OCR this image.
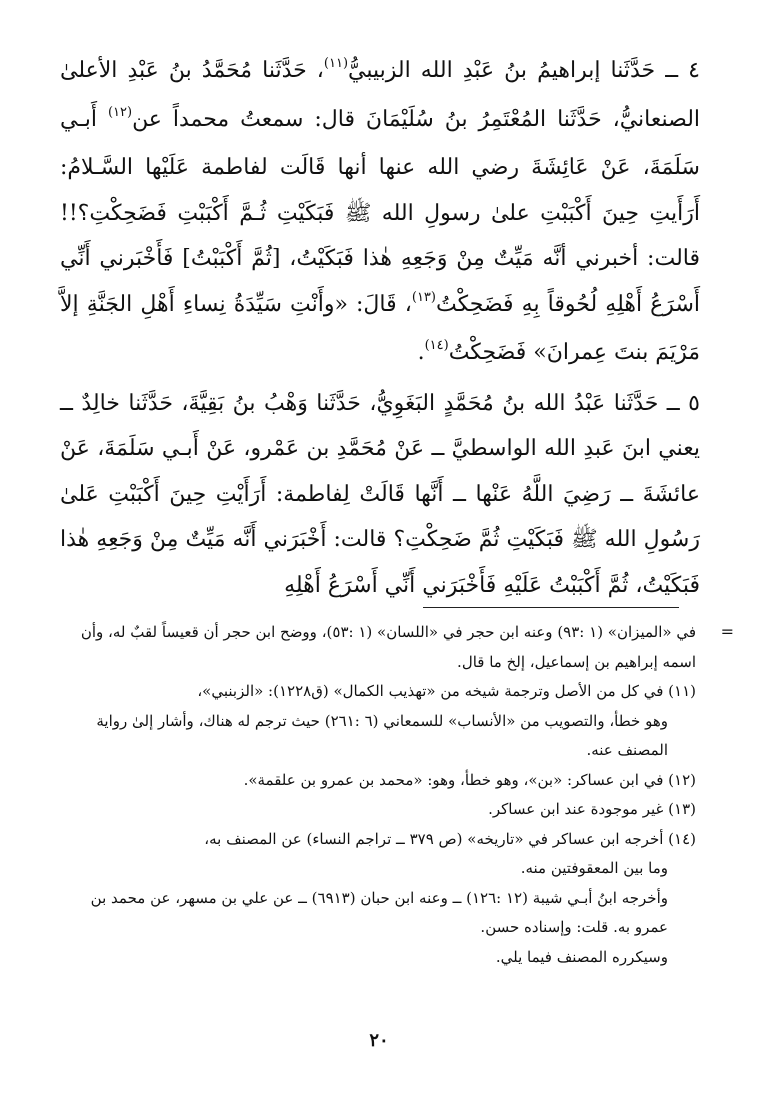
٤ ــ حَدَّثَنا إبراهيمُ بنُ عَبْدِ الله الزبيبيُّ$^{(١١)}$، حَدَّثَنا مُحَمَّدُ بنُ عَبْدِ الأعلىٰ الصنعانيُّ، حَدَّثَنا المُعْتَمِرُ بنُ سُلَيْمَانَ قال: سمعتُ محمداً عن$^{(١٢)}$ أَبـي سَلَمَةَ، عَنْ عَائِشَةَ رضي الله عنها أنها قَالَت لفاطمة عَلَيْها السَّـلامُ: أَرَأَيتِ حِينَ أَكْبَبْتِ علىٰ رسولِ الله ﷺ فَبَكَيْتِ ثُـمَّ أَكْبَبْتِ فَضَحِكْتِ؟!! قالت: أخبرني أنَّه مَيِّتٌ مِنْ وَجَعِهِ هٰذا فَبَكَيْتُ، [ثُمَّ أَكْبَبْتُ] فَأَخْبَرني أَنِّي أَسْرَعُ أَهْلِهِ لُحُوقاً بِهِ فَضَحِكْتُ$^{(١٣)}$، قَالَ: «وأَنْتِ سَيِّدَةُ نِساءِ أَهْلِ الجَنَّةِ إلاَّ مَرْيَمَ بنتَ عِمرانَ» فَضَحِكْتُ$^{(١٤)}$.

٥ ــ حَدَّثَنا عَبْدُ الله بنُ مُحَمَّدٍ البَغَوِيُّ، حَدَّثَنا وَهْبُ بنُ بَقِيَّةَ، حَدَّثَنا خالِدٌ ــ يعني ابنَ عَبدِ الله الواسطيَّ ــ عَنْ مُحَمَّدِ بن عَمْرو، عَنْ أَبـي سَلَمَةَ، عَنْ عائشَةَ ــ رَضِيَ اللَّهُ عَنْها ــ أَنَّها قَالَتْ لِفاطمة: أَرَأَيْتِ حِينَ أَكْبَبْتِ عَلىٰ رَسُولِ الله ﷺ فَبَكَيْتِ ثُمَّ ضَحِكْتِ؟ قالت: أَخْبَرَني أَنَّه مَيِّتٌ مِنْ وَجَعِهِ هٰذا فَبَكَيْتُ، ثُمَّ أَكْبَبْتُ عَلَيْهِ فَأَخْبَرَني أَنِّي أَسْرَعُ أَهْلِهِ

=
في «الميزان» (١ :٩٣) وعنه ابن حجر في «اللسان» (١ :٥٣)، ووضح ابن حجر أن قعيساً لقبٌ له، وأن اسمه إبراهيم بن إسماعيل، إلخ ما قال.

(١١) في كل من الأصل وترجمة شيخه من «تهذيب الكمال» (ق١٢٢٨): «الزبنبي»،
وهو خطأ، والتصويب من «الأنساب» للسمعاني (٦ :٢٦١) حيث ترجم له هناك، وأشار إلىٰ رواية المصنف عنه.

(١٢) في ابن عساكر: «بن»، وهو خطأ، وهو: «محمد بن عمرو بن علقمة».

(١٣) غير موجودة عند ابن عساكر.

(١٤) أخرجه ابن عساكر في «تاريخه» (ص ٣٧٩ ــ تراجم النساء) عن المصنف به،
وما بين المعقوفتين منه.
وأخرجه ابنُ أبـي شيبة (١٢ :١٢٦) ــ وعنه ابن حبان (٦٩١٣) ــ عن علي بن مسهر، عن محمد بن عمرو به. قلت: وإسناده حسن.
وسيكرره المصنف فيما يلي.

٢٠
